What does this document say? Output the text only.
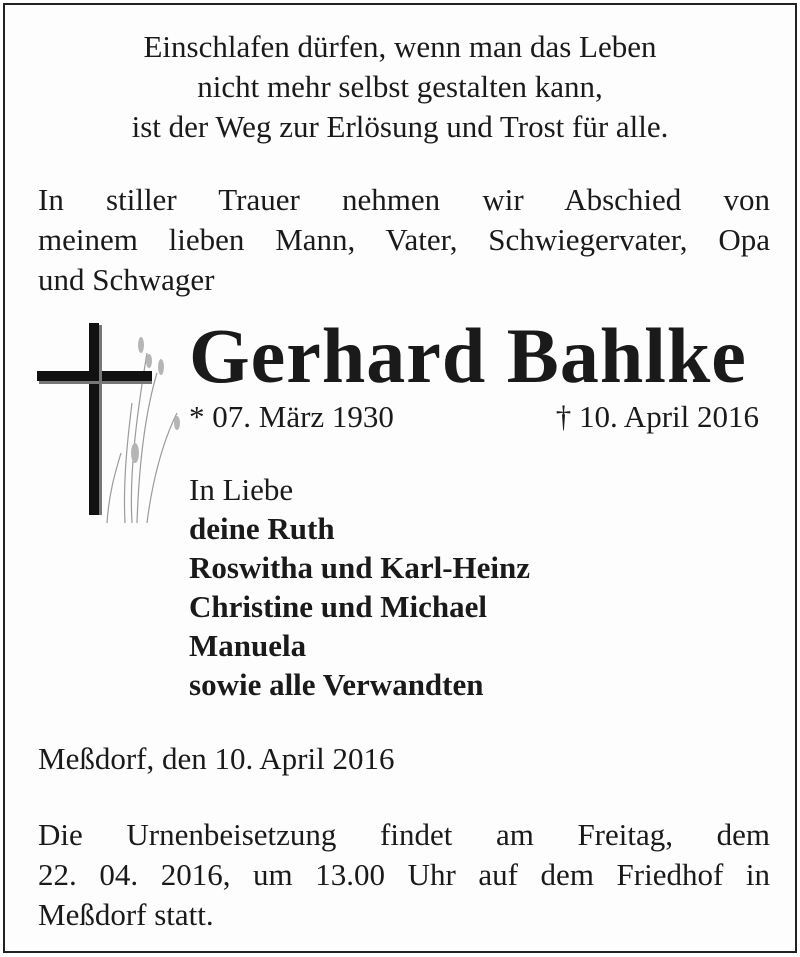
Einschlafen dürfen, wenn man das Leben
nicht mehr selbst gestalten kann,
ist der Weg zur Erlösung und Trost für alle.
In stiller Trauer nehmen wir Abschied von
meinem lieben Mann, Vater, Schwiegervater, Opa
und Schwager
Gerhard Bahlke
* 07. März 1930	† 10. April 2016
In Liebe
deine Ruth
Roswitha und Karl-Heinz
Christine und Michael
Manuela
sowie alle Verwandten
Meßdorf, den 10. April 2016
Die Urnenbeisetzung findet am Freitag, dem
22. 04. 2016, um 13.00 Uhr auf dem Friedhof in
Meßdorf statt.
